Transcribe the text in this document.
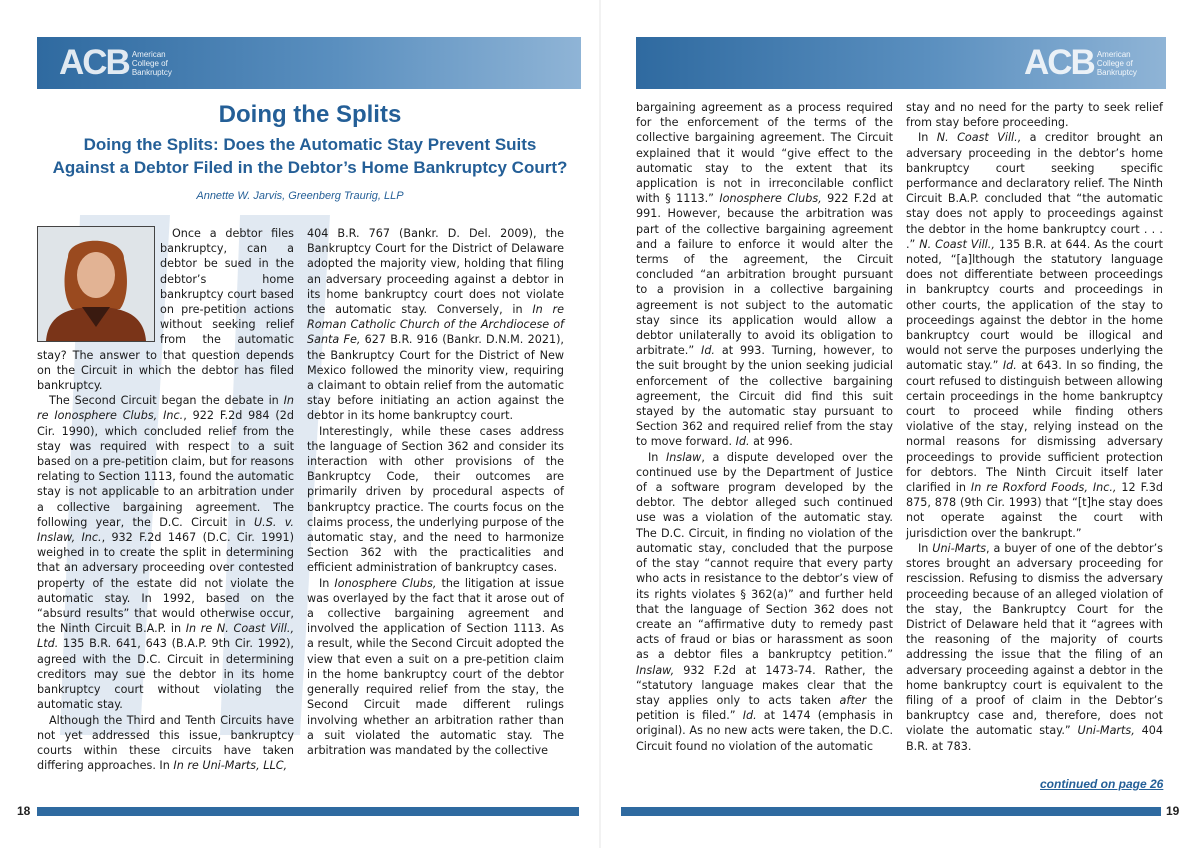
ACB American
College of
Bankruptcy	ACB American
College of
Bankruptcy
Doing the Splits
Doing the Splits: Does the Automatic Stay Prevent Suits
Against a Debtor Filed in the Debtor’s Home Bankruptcy Court?
Annette W. Jarvis, Greenberg Traurig, LLP

Once a debtor files bankruptcy, can a debtor be sued in the debtor’s home bankruptcy court based on pre-petition actions without seeking relief from the automatic stay? The answer to that question depends on the Circuit in which the debtor has filed bankruptcy.

The Second Circuit began the debate in In re Ionosphere Clubs, Inc., 922 F.2d 984 (2d Cir. 1990), which concluded relief from the stay was required with respect to a suit based on a pre-petition claim, but for reasons relating to Section 1113, found the automatic stay is not applicable to an arbitration under a collective bargaining agreement. The following year, the D.C. Circuit in U.S. v. Inslaw, Inc., 932 F.2d 1467 (D.C. Cir. 1991) weighed in to create the split in determining that an adversary proceeding over contested property of the estate did not violate the automatic stay. In 1992, based on the “absurd results” that would otherwise occur, the Ninth Circuit B.A.P. in In re N. Coast Vill., Ltd. 135 B.R. 641, 643 (B.A.P. 9th Cir. 1992), agreed with the D.C. Circuit in determining creditors may sue the debtor in its home bankruptcy court without violating the automatic stay.

Although the Third and Tenth Circuits have not yet addressed this issue, bankruptcy courts within these circuits have taken differing approaches. In In re Uni-Marts, LLC,

404 B.R. 767 (Bankr. D. Del. 2009), the Bankruptcy Court for the District of Delaware adopted the majority view, holding that filing an adversary proceeding against a debtor in its home bankruptcy court does not violate the automatic stay. Conversely, in In re Roman Catholic Church of the Archdiocese of Santa Fe, 627 B.R. 916 (Bankr. D.N.M. 2021), the Bankruptcy Court for the District of New Mexico followed the minority view, requiring a claimant to obtain relief from the automatic stay before initiating an action against the debtor in its home bankruptcy court.

Interestingly, while these cases address the language of Section 362 and consider its interaction with other provisions of the Bankruptcy Code, their outcomes are primarily driven by procedural aspects of bankruptcy practice. The courts focus on the claims process, the underlying purpose of the automatic stay, and the need to harmonize Section 362 with the practicalities and efficient administration of bankruptcy cases.

In Ionosphere Clubs, the litigation at issue was overlayed by the fact that it arose out of a collective bargaining agreement and involved the application of Section 1113. As a result, while the Second Circuit adopted the view that even a suit on a pre-petition claim in the home bankruptcy court of the debtor generally required relief from the stay, the Second Circuit made different rulings involving whether an arbitration rather than a suit violated the automatic stay. The arbitration was mandated by the collective

bargaining agreement as a process required for the enforcement of the terms of the collective bargaining agreement. The Circuit explained that it would “give effect to the automatic stay to the extent that its application is not in irreconcilable conflict with § 1113.” Ionosphere Clubs, 922 F.2d at 991. However, because the arbitration was part of the collective bargaining agreement and a failure to enforce it would alter the terms of the agreement, the Circuit concluded “an arbitration brought pursuant to a provision in a collective bargaining agreement is not subject to the automatic stay since its application would allow a debtor unilaterally to avoid its obligation to arbitrate.” Id. at 993. Turning, however, to the suit brought by the union seeking judicial enforcement of the collective bargaining agreement, the Circuit did find this suit stayed by the automatic stay pursuant to Section 362 and required relief from the stay to move forward. Id. at 996.

In Inslaw, a dispute developed over the continued use by the Department of Justice of a software program developed by the debtor. The debtor alleged such continued use was a violation of the automatic stay. The D.C. Circuit, in finding no violation of the automatic stay, concluded that the purpose of the stay “cannot require that every party who acts in resistance to the debtor’s view of its rights violates § 362(a)” and further held that the language of Section 362 does not create an “affirmative duty to remedy past acts of fraud or bias or harassment as soon as a debtor files a bankruptcy petition.” Inslaw, 932 F.2d at 1473-74. Rather, the “statutory language makes clear that the stay applies only to acts taken after the petition is filed.” Id. at 1474 (emphasis in original). As no new acts were taken, the D.C. Circuit found no violation of the automatic

stay and no need for the party to seek relief from stay before proceeding.

In N. Coast Vill., a creditor brought an adversary proceeding in the debtor’s home bankruptcy court seeking specific performance and declaratory relief. The Ninth Circuit B.A.P. concluded that “the automatic stay does not apply to proceedings against the debtor in the home bankruptcy court . . . .” N. Coast Vill., 135 B.R. at 644. As the court noted, “[a]lthough the statutory language does not differentiate between proceedings in bankruptcy courts and proceedings in other courts, the application of the stay to proceedings against the debtor in the home bankruptcy court would be illogical and would not serve the purposes underlying the automatic stay.” Id. at 643. In so finding, the court refused to distinguish between allowing certain proceedings in the home bankruptcy court to proceed while finding others violative of the stay, relying instead on the normal reasons for dismissing adversary proceedings to provide sufficient protection for debtors. The Ninth Circuit itself later clarified in In re Roxford Foods, Inc., 12 F.3d 875, 878 (9th Cir. 1993) that “[t]he stay does not operate against the court with jurisdiction over the bankrupt.”

In Uni-Marts, a buyer of one of the debtor’s stores brought an adversary proceeding for rescission. Refusing to dismiss the adversary proceeding because of an alleged violation of the stay, the Bankruptcy Court for the District of Delaware held that it “agrees with the reasoning of the majority of courts addressing the issue that the filing of an adversary proceeding against a debtor in the home bankruptcy court is equivalent to the filing of a proof of claim in the Debtor’s bankruptcy case and, therefore, does not violate the automatic stay.” Uni-Marts, 404 B.R. at 783.

continued on page 26
18	19
